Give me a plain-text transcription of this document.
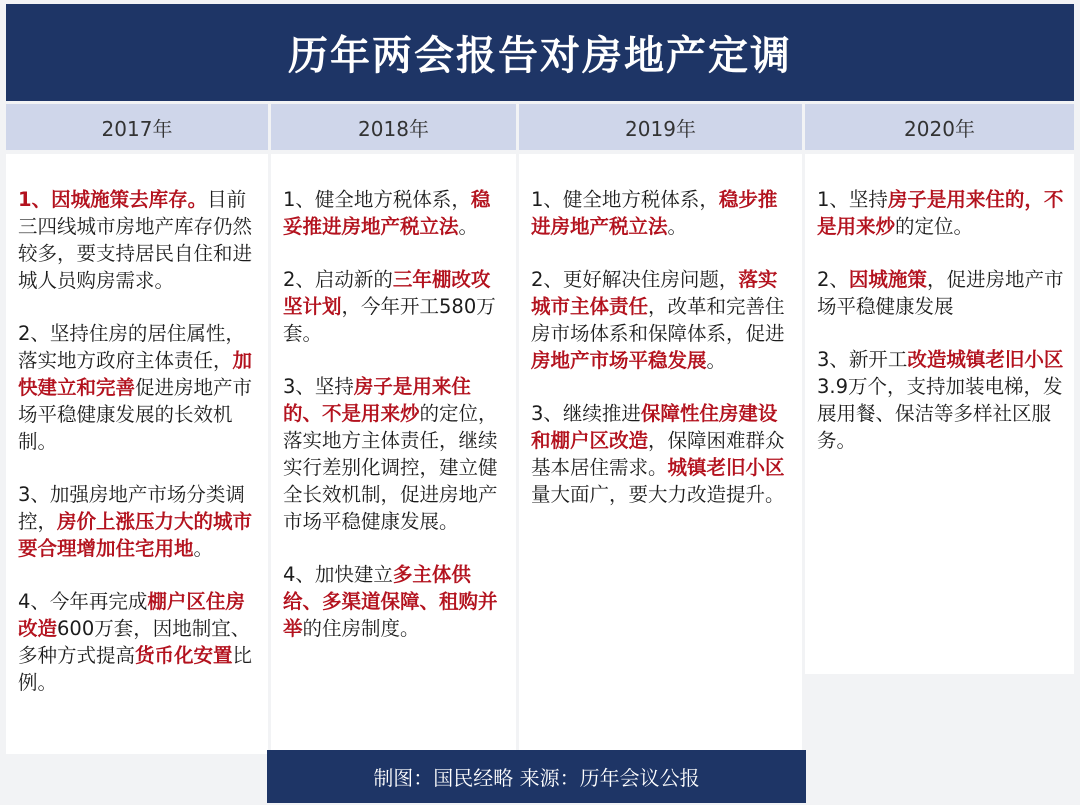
历年两会报告对房地产定调
2017年

1、因城施策去库存。目前三四线城市房地产库存仍然较多，要支持居民自住和进城人员购房需求。

2、坚持住房的居住属性，落实地方政府主体责任，加快建立和完善促进房地产市场平稳健康发展的长效机制。

3、加强房地产市场分类调控，房价上涨压力大的城市要合理增加住宅用地。

4、今年再完成棚户区住房改造600万套，因地制宜、多种方式提高货币化安置比例。

2018年

1、健全地方税体系，稳妥推进房地产税立法。

2、启动新的三年棚改攻坚计划，今年开工580万套。

3、坚持房子是用来住的、不是用来炒的定位，落实地方主体责任，继续实行差别化调控，建立健全长效机制，促进房地产市场平稳健康发展。

4、加快建立多主体供给、多渠道保障、租购并举的住房制度。

2019年

1、健全地方税体系，稳步推进房地产税立法。

2、更好解决住房问题，落实城市主体责任，改革和完善住房市场体系和保障体系，促进房地产市场平稳发展。

3、继续推进保障性住房建设和棚户区改造，保障困难群众基本居住需求。城镇老旧小区量大面广，要大力改造提升。

2020年

1、坚持房子是用来住的，不是用来炒的定位。

2、因城施策，促进房地产市场平稳健康发展

3、新开工改造城镇老旧小区3.9万个，支持加装电梯，发展用餐、保洁等多样社区服务。

制图：国民经略 来源：历年会议公报
